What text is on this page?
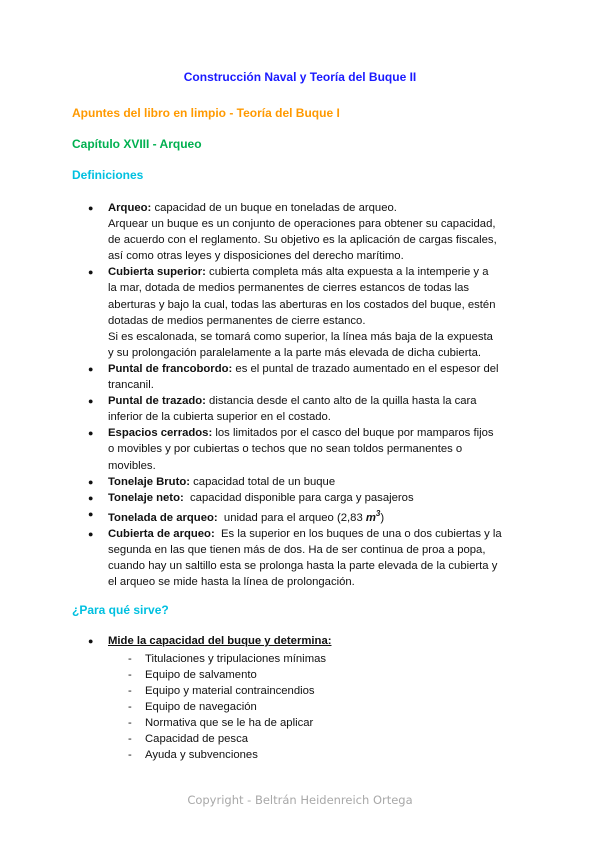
Construcción Naval y Teoría del Buque II
Apuntes del libro en limpio - Teoría del Buque I
Capítulo XVIII - Arqueo
Definiciones
● Arqueo: capacidad de un buque en toneladas de arqueo.
Arquear un buque es un conjunto de operaciones para obtener su capacidad,
de acuerdo con el reglamento. Su objetivo es la aplicación de cargas fiscales,
así como otras leyes y disposiciones del derecho marítimo.
● Cubierta superior: cubierta completa más alta expuesta a la intemperie y a
la mar, dotada de medios permanentes de cierres estancos de todas las
aberturas y bajo la cual, todas las aberturas en los costados del buque, estén
dotadas de medios permanentes de cierre estanco.
Si es escalonada, se tomará como superior, la línea más baja de la expuesta
y su prolongación paralelamente a la parte más elevada de dicha cubierta.
● Puntal de francobordo: es el puntal de trazado aumentado en el espesor del
trancanil.
● Puntal de trazado: distancia desde el canto alto de la quilla hasta la cara
inferior de la cubierta superior en el costado.
● Espacios cerrados: los limitados por el casco del buque por mamparos fijos
o movibles y por cubiertas o techos que no sean toldos permanentes o
movibles.
● Tonelaje Bruto: capacidad total de un buque
● Tonelaje neto:  capacidad disponible para carga y pasajeros
● Tonelada de arqueo:  unidad para el arqueo (2,83 $m^3$)
● Cubierta de arqueo:  Es la superior en los buques de una o dos cubiertas y la
segunda en las que tienen más de dos. Ha de ser continua de proa a popa,
cuando hay un saltillo esta se prolonga hasta la parte elevada de la cubierta y
el arqueo se mide hasta la línea de prolongación.
¿Para qué sirve?
● Mide la capacidad del buque y determina:
- Titulaciones y tripulaciones mínimas
- Equipo de salvamento
- Equipo y material contraincendios
- Equipo de navegación
- Normativa que se le ha de aplicar
- Capacidad de pesca
- Ayuda y subvenciones
Copyright - Beltrán Heidenreich Ortega
